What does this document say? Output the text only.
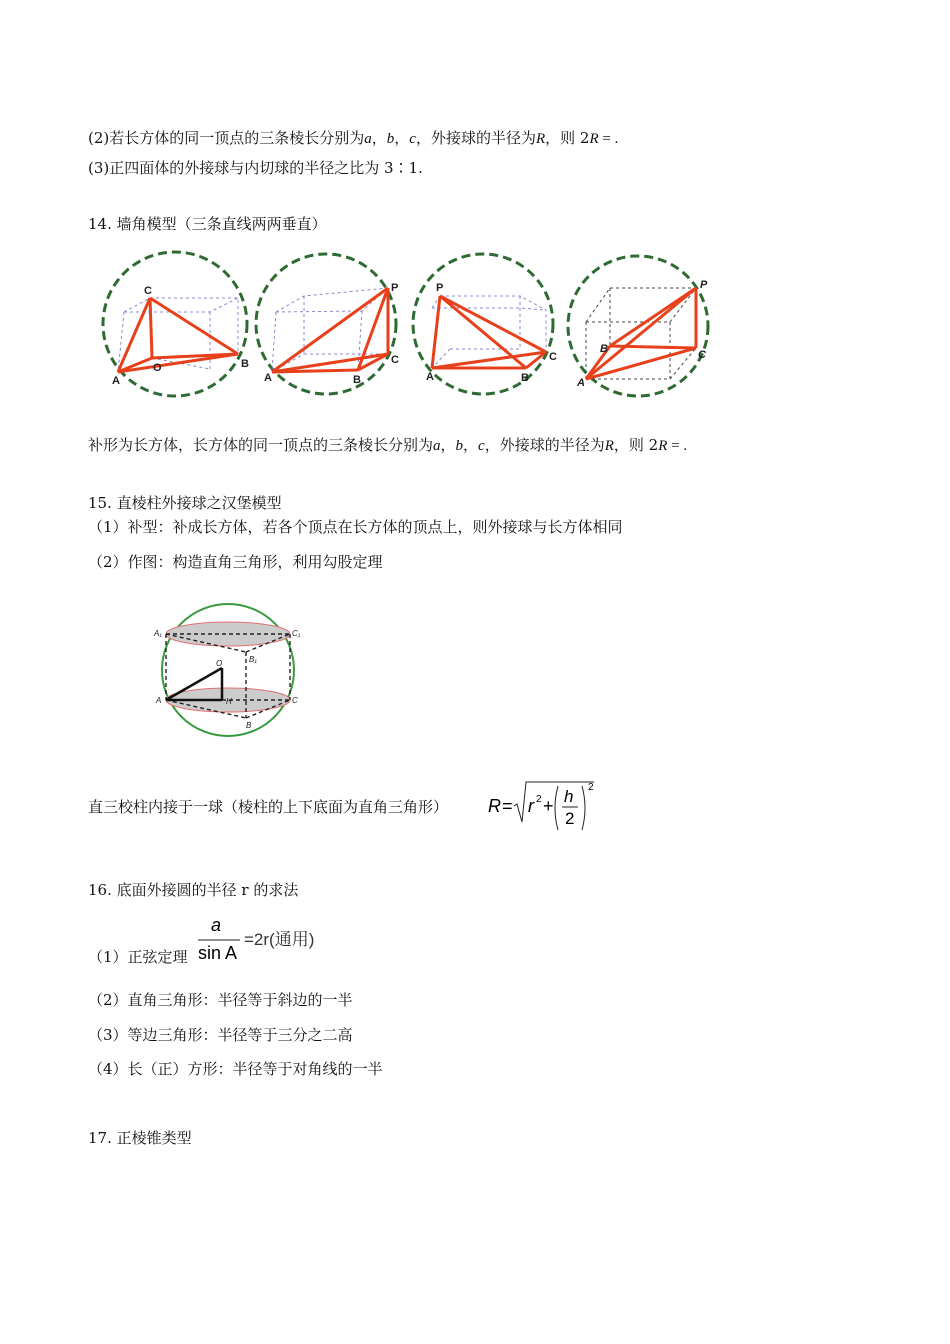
(2)若长方体的同一顶点的三条棱长分别为a，b，c，外接球的半径为R，则 2R = .
(3)正四面体的外接球与内切球的半径之比为 3∶1.
14. 墙角模型（三条直线两两垂直）
C
A
O	B
P
A	B
C
P
A	B
C
P
B
A
C
补形为长方体，长方体的同一顶点的三条棱长分别为a，b，c，外接球的半径为R，则 2R = .
15. 直棱柱外接球之汉堡模型
（1）补型：补成长方体，若各个顶点在长方体的顶点上，则外接球与长方体相同
（2）作图：构造直角三角形，利用勾股定理
A₁	C₁
B₁
O
A	H	C
B
直三校柱内接于一球（棱柱的上下底面为直角三角形） R = r 2 + h
2
2
16. 底面外接圆的半径 r 的求法
（1）正弦定理
a
sin A
=2r(通用)
（2）直角三角形：半径等于斜边的一半
（3）等边三角形：半径等于三分之二高
（4）长（正）方形：半径等于对角线的一半
17. 正棱锥类型
